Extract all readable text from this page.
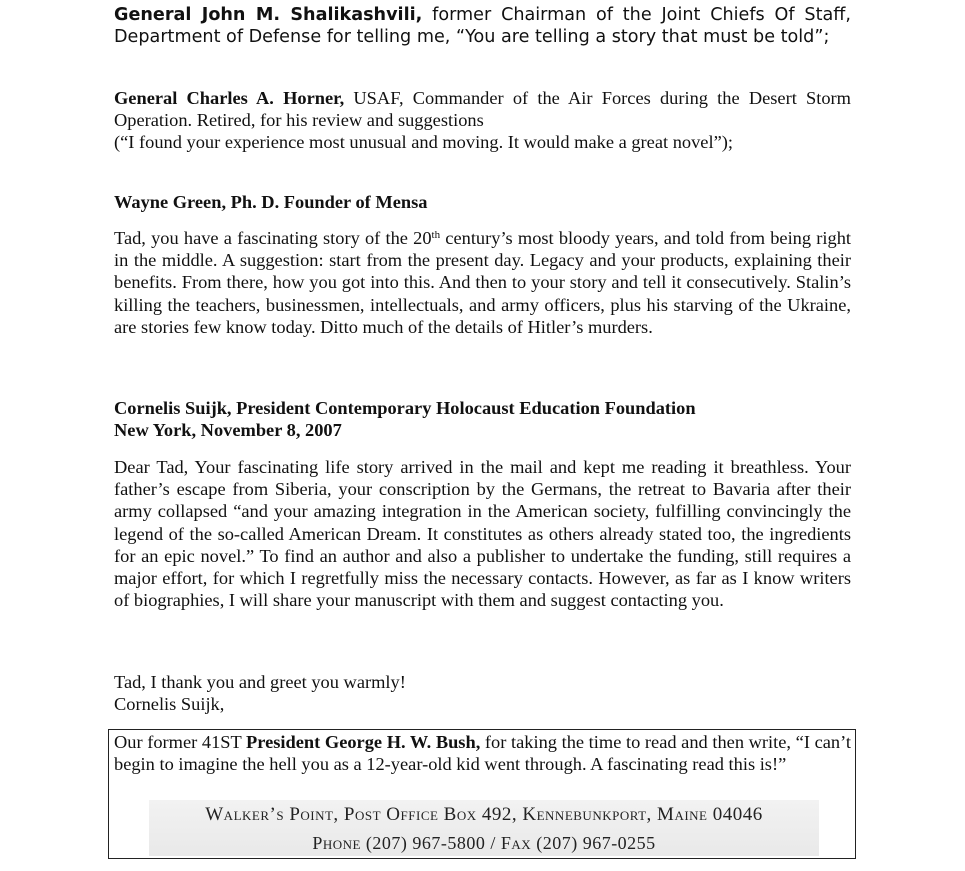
General John M. Shalikashvili, former Chairman of the Joint Chiefs Of Staff, Department of Defense for telling me, “You are telling a story that must be told”;

General Charles A. Horner, USAF, Commander of the Air Forces during the Desert Storm Operation. Retired, for his review and suggestions

(“I found your experience most unusual and moving. It would make a great novel”);

Wayne Green, Ph. D. Founder of Mensa

Tad, you have a fascinating story of the 20th century’s most bloody years, and told from being right in the middle. A suggestion: start from the present day. Legacy and your products, explaining their benefits. From there, how you got into this. And then to your story and tell it consecutively. Stalin’s killing the teachers, businessmen, intellectuals, and army officers, plus his starving of the Ukraine, are stories few know today. Ditto much of the details of Hitler’s murders.

Cornelis Suijk, President Contemporary Holocaust Education Foundation

New York, November 8, 2007

Dear Tad, Your fascinating life story arrived in the mail and kept me reading it breathless. Your father’s escape from Siberia, your conscription by the Germans, the retreat to Bavaria after their army collapsed “and your amazing integration in the American society, fulfilling convincingly the legend of the so-called American Dream. It constitutes as others already stated too, the ingredients for an epic novel.” To find an author and also a publisher to undertake the funding, still requires a major effort, for which I regretfully miss the necessary contacts. However, as far as I know writers of biographies, I will share your manuscript with them and suggest contacting you.

Tad, I thank you and greet you warmly!

Cornelis Suijk,

Our former 41ST President George H. W. Bush, for taking the time to read and then write, “I can’t begin to imagine the hell you as a 12-year-old kid went through. A fascinating read this is!”

Walker’s Point, Post Office Box 492, Kennebunkport, Maine 04046
Phone (207) 967-5800 / Fax (207) 967-0255
